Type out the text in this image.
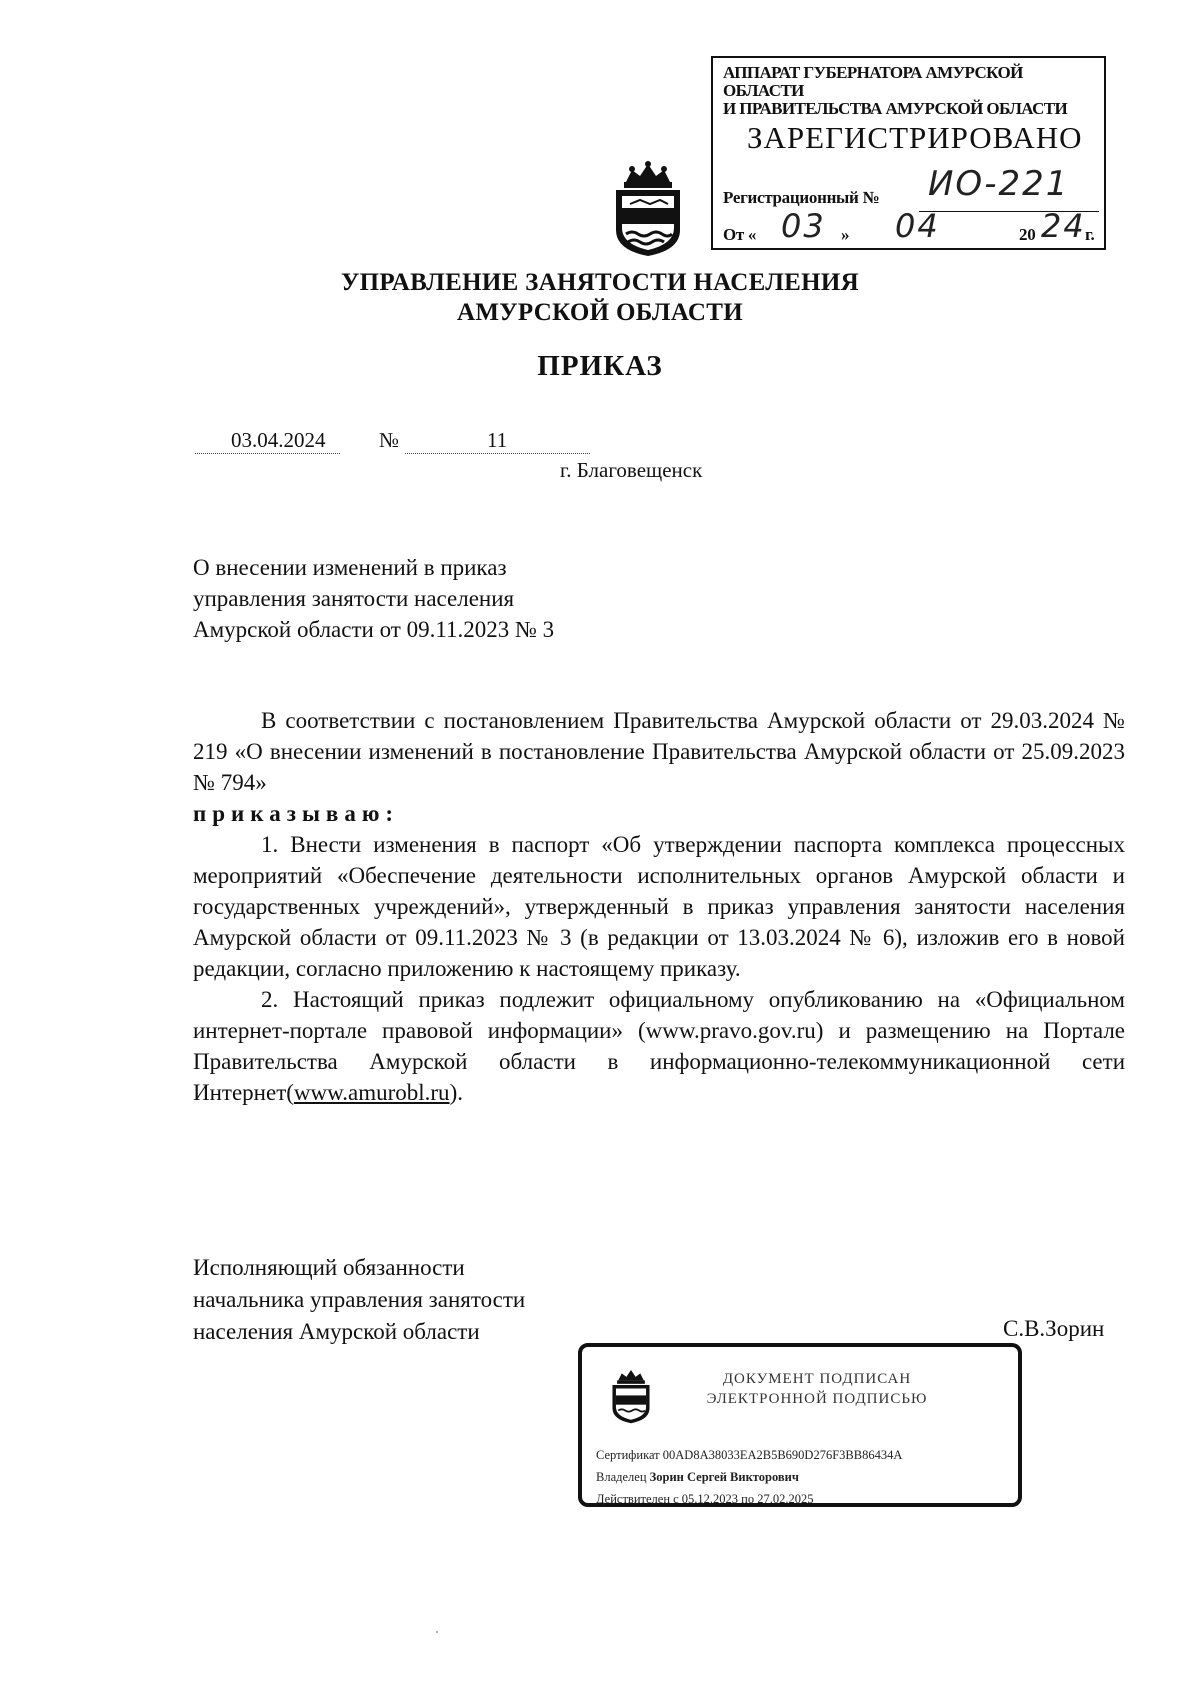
АППАРАТ ГУБЕРНАТОРА АМУРСКОЙ ОБЛАСТИ
И ПРАВИТЕЛЬСТВА АМУРСКОЙ ОБЛАСТИ
ЗАРЕГИСТРИРОВАНО
Регистрационный № ИО-221
От « 03 » 04	20 24 г.
УПРАВЛЕНИЕ ЗАНЯТОСТИ НАСЕЛЕНИЯ
АМУРСКОЙ ОБЛАСТИ
ПРИКАЗ
03.04.2024	№	11
г. Благовещенск
О внесении изменений в приказ
управления занятости населения
Амурской области от 09.11.2023 № 3

В соответствии с постановлением Правительства Амурской области от 29.03.2024 № 219 «О внесении изменений в постановление Правительства Амурской области от 25.09.2023 № 794»

приказываю:

1. Внести изменения в паспорт «Об утверждении паспорта комплекса процессных мероприятий «Обеспечение деятельности исполнительных органов Амурской области и государственных учреждений», утвержденный в приказ управления занятости населения Амурской области от 09.11.2023 № 3 (в редакции от 13.03.2024 № 6), изложив его в новой редакции, согласно приложению к настоящему приказу.

2. Настоящий приказ подлежит официальному опубликованию на «Официальном интернет-портале правовой информации» (www.pravo.gov.ru) и размещению на Портале Правительства Амурской области в информационно-телекоммуникационной сети Интернет(www.amurobl.ru).

Исполняющий обязанности
начальника управления занятости
населения Амурской области	С.В.Зорин
ДОКУМЕНТ ПОДПИСАН
ЭЛЕКТРОННОЙ ПОДПИСЬЮ
Сертификат 00AD8A38033EA2B5B690D276F3BB86434A
Владелец Зорин Сергей Викторович
Действителен с 05.12.2023 по 27.02.2025
